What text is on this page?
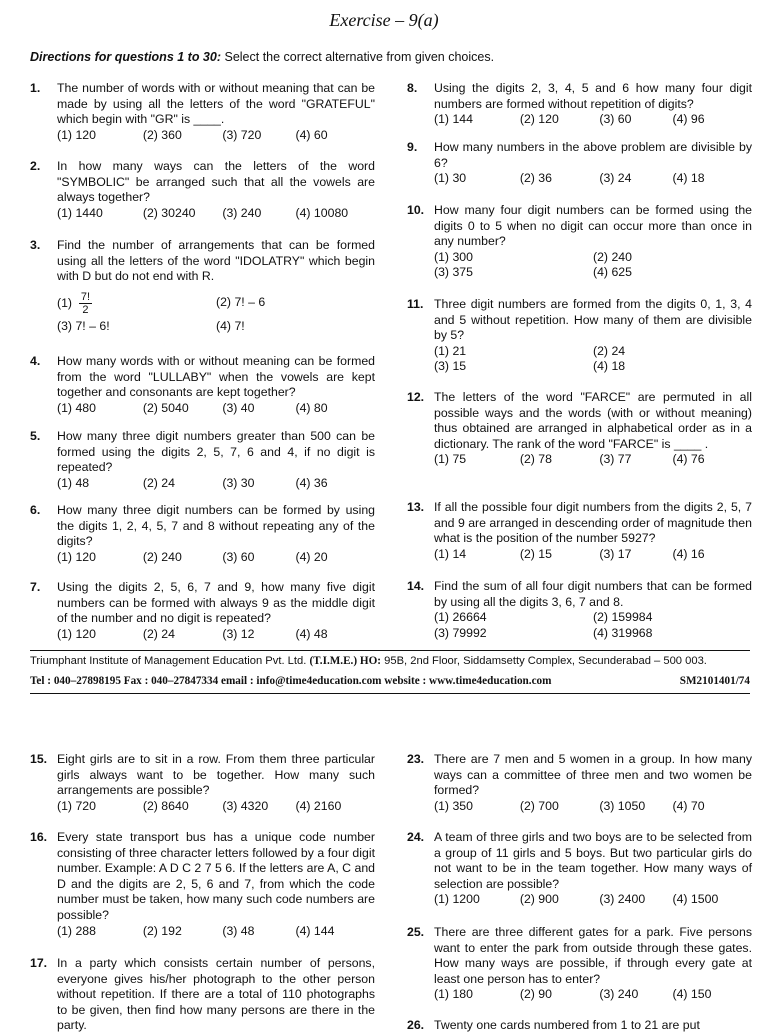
Exercise – 9(a)
Directions for questions 1 to 30: Select the correct alternative from given choices.
1.	The number of words with or without meaning that can be made by using all the letters of the word "GRATEFUL" which begin with "GR" is ____.
(1) 120	(2) 360	(3) 720	(4) 60
2.	In how many ways can the letters of the word "SYMBOLIC" be arranged such that all the vowels are always together?
(1) 1440	(2) 30240	(3) 240	(4) 10080
3.	Find the number of arrangements that can be formed using all the letters of the word "IDOLATRY" which begin with D but do not end with R.
$(1) \frac{7!}{2}$	(2) 7! – 6
(3) 7! – 6!	(4) 7!
4.	How many words with or without meaning can be formed from the word "LULLABY" when the vowels are kept together and consonants are kept together?
(1) 480	(2) 5040	(3) 40	(4) 80
5.	How many three digit numbers greater than 500 can be formed using the digits 2, 5, 7, 6 and 4, if no digit is repeated?
(1) 48	(2) 24	(3) 30	(4) 36
6.	How many three digit numbers can be formed by using the digits 1, 2, 4, 5, 7 and 8 without repeating any of the digits?
(1) 120	(2) 240	(3) 60	(4) 20
7.	Using the digits 2, 5, 6, 7 and 9, how many five digit numbers can be formed with always 9 as the middle digit of the number and no digit is repeated?
(1) 120	(2) 24	(3) 12	(4) 48
8.	Using the digits 2, 3, 4, 5 and 6 how many four digit numbers are formed without repetition of digits?
(1) 144	(2) 120	(3) 60	(4) 96
9.	How many numbers in the above problem are divisible by 6?
(1) 30	(2) 36	(3) 24	(4) 18
10. How many four digit numbers can be formed using the digits 0 to 5 when no digit can occur more than once in any number?
(1) 300	(2) 240
(3) 375	(4) 625
11. Three digit numbers are formed from the digits 0, 1, 3, 4 and 5 without repetition. How many of them are divisible by 5?
(1) 21	(2) 24
(3) 15	(4) 18
12. The letters of the word "FARCE" are permuted in all possible ways and the words (with or without meaning) thus obtained are arranged in alphabetical order as in a dictionary. The rank of the word "FARCE" is ____ .
(1) 75	(2) 78	(3) 77	(4) 76
13. If all the possible four digit numbers from the digits 2, 5, 7 and 9 are arranged in descending order of magnitude then what is the position of the number 5927?
(1) 14	(2) 15	(3) 17	(4) 16
14. Find the sum of all four digit numbers that can be formed by using all the digits 3, 6, 7 and 8.
(1) 26664	(2) 159984
(3) 79992	(4) 319968
Triumphant Institute of Management Education Pvt. Ltd. (T.I.M.E.) HO: 95B, 2nd Floor, Siddamsetty Complex, Secunderabad – 500 003.
Tel : 040–27898195 Fax : 040–27847334 email : info@time4education.com website : www.time4education.com	SM2101401/74
15. Eight girls are to sit in a row. From them three particular girls always want to be together. How many such arrangements are possible?
(1) 720	(2) 8640	(3) 4320	(4) 2160
16. Every state transport bus has a unique code number consisting of three character letters followed by a four digit number. Example: A D C 2 7 5 6. If the letters are A, C and D and the digits are 2, 5, 6 and 7, from which the code number must be taken, how many such code numbers are possible?
(1) 288	(2) 192	(3) 48	(4) 144
17. In a party which consists certain number of persons, everyone gives his/her photograph to the other person without repetition. If there are a total of 110 photographs to be given, then find how many persons are there in the party.
23. There are 7 men and 5 women in a group. In how many ways can a committee of three men and two women be formed?
(1) 350	(2) 700	(3) 1050	(4) 70
24. A team of three girls and two boys are to be selected from a group of 11 girls and 5 boys. But two particular girls do not want to be in the team together. How many ways of selection are possible?
(1) 1200	(2) 900	(3) 2400	(4) 1500
25. There are three different gates for a park. Five persons want to enter the park from outside through these gates. How many ways are possible, if through every gate at least one person has to enter?
(1) 180	(2) 90	(3) 240	(4) 150
26. Twenty one cards numbered from 1 to 21 are put
